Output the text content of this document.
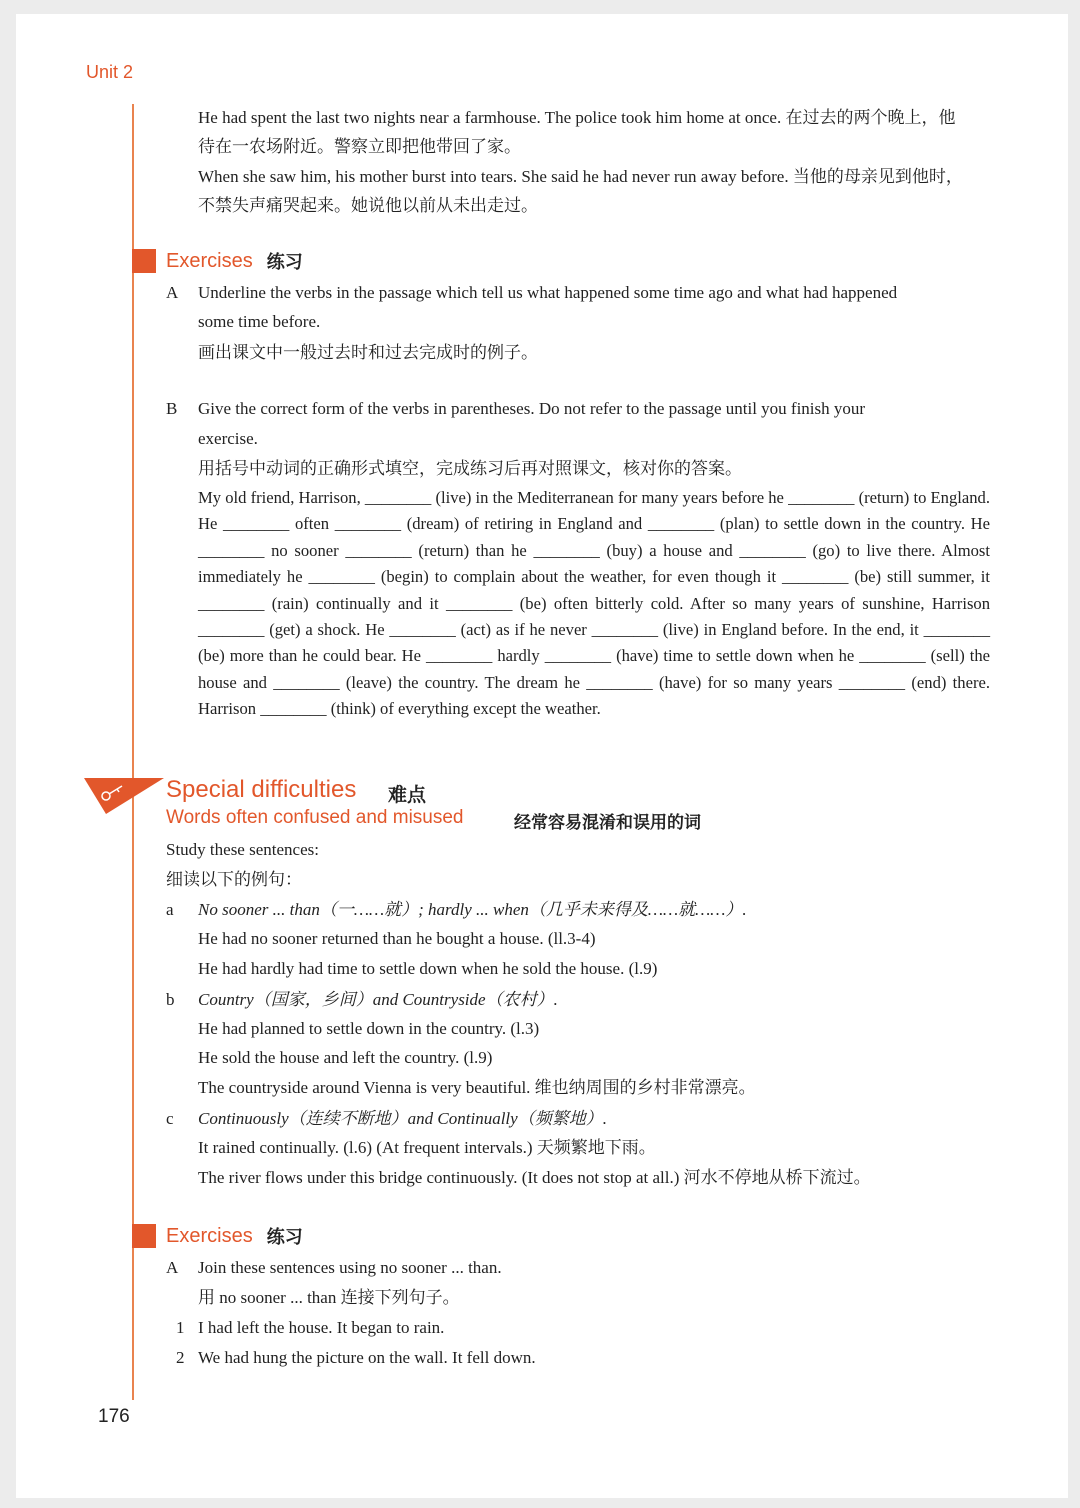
Unit 2
He had spent the last two nights near a farmhouse. The police took him home at once. 在过去的两个晚上，他
待在一农场附近。警察立即把他带回了家。
When she saw him, his mother burst into tears. She said he had never run away before. 当他的母亲见到他时，
不禁失声痛哭起来。她说他以前从未出走过。
Exercises 练习
A Underline the verbs in the passage which tell us what happened some time ago and what had happened
some time before.
画出课文中一般过去时和过去完成时的例子。
B Give the correct form of the verbs in parentheses. Do not refer to the passage until you finish your
exercise.
用括号中动词的正确形式填空，完成练习后再对照课文，核对你的答案。
My old friend, Harrison, ________ (live) in the Mediterranean for many years before he ________ (return) to England. He ________ often ________ (dream) of retiring in England and ________ (plan) to settle down in the country. He ________ no sooner ________ (return) than he ________ (buy) a house and ________ (go) to live there. Almost immediately he ________ (begin) to complain about the weather, for even though it ________ (be) still summer, it ________ (rain) continually and it ________ (be) often bitterly cold. After so many years of sunshine, Harrison ________ (get) a shock. He ________ (act) as if he never ________ (live) in England before. In the end, it ________ (be) more than he could bear. He ________ hardly ________ (have) time to settle down when he ________ (sell) the house and ________ (leave) the country. The dream he ________ (have) for so many years ________ (end) there. Harrison ________ (think) of everything except the weather.
Special difficulties 难点
Words often confused and misused	经常容易混淆和误用的词
Study these sentences:
细读以下的例句：
a No sooner ... than（一……就）; hardly ... when（几乎未来得及……就……）.
He had no sooner returned than he bought a house. (ll.3-4)
He had hardly had time to settle down when he sold the house. (l.9)
b Country（国家，乡间）and Countryside（农村）.
He had planned to settle down in the country. (l.3)
He sold the house and left the country. (l.9)
The countryside around Vienna is very beautiful. 维也纳周围的乡村非常漂亮。
c Continuously（连续不断地）and Continually（频繁地）.
It rained continually. (l.6) (At frequent intervals.) 天频繁地下雨。
The river flows under this bridge continuously. (It does not stop at all.) 河水不停地从桥下流过。
Exercises 练习
A Join these sentences using no sooner ... than.
用 no sooner ... than 连接下列句子。
1 I had left the house. It began to rain.
2 We had hung the picture on the wall. It fell down.
176
